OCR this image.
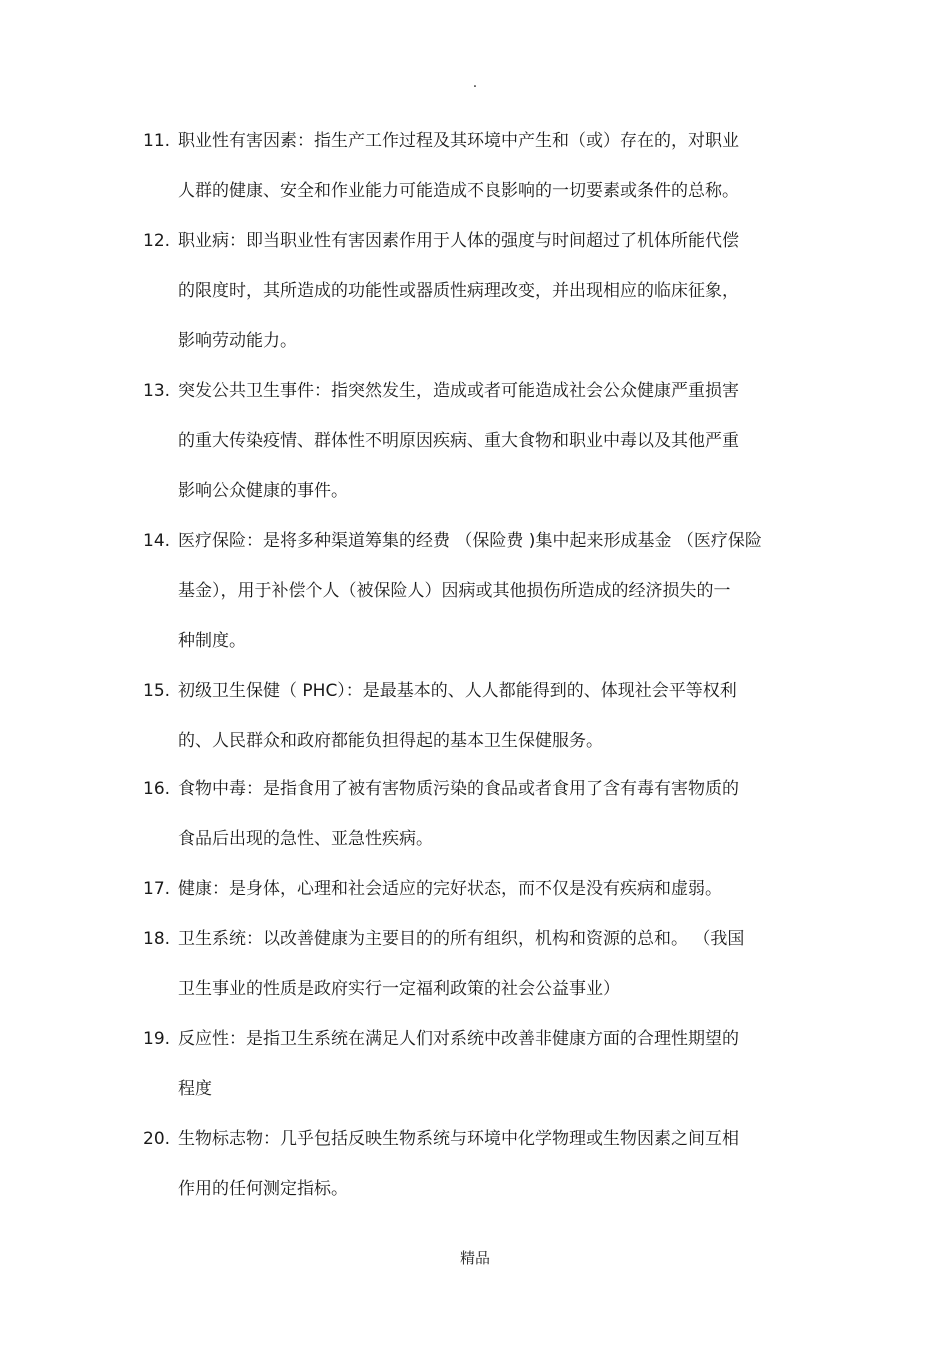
.
11. 职业性有害因素：指生产工作过程及其环境中产生和（或）存在的，对职业
人群的健康、安全和作业能力可能造成不良影响的一切要素或条件的总称。
12. 职业病：即当职业性有害因素作用于人体的强度与时间超过了机体所能代偿
的限度时，其所造成的功能性或器质性病理改变，并出现相应的临床征象，
影响劳动能力。
13. 突发公共卫生事件：指突然发生，造成或者可能造成社会公众健康严重损害
的重大传染疫情、群体性不明原因疾病、重大食物和职业中毒以及其他严重
影响公众健康的事件。
14. 医疗保险：是将多种渠道筹集的经费 （保险费 )集中起来形成基金 （医疗保险
基金），用于补偿个人（被保险人）因病或其他损伤所造成的经济损失的一
种制度。
15. 初级卫生保健（ PHC）：是最基本的、人人都能得到的、体现社会平等权利
的、人民群众和政府都能负担得起的基本卫生保健服务。
16. 食物中毒：是指食用了被有害物质污染的食品或者食用了含有毒有害物质的
食品后出现的急性、亚急性疾病。
17. 健康：是身体，心理和社会适应的完好状态，而不仅是没有疾病和虚弱。
18. 卫生系统：以改善健康为主要目的的所有组织，机构和资源的总和。 （我国
卫生事业的性质是政府实行一定福利政策的社会公益事业）
19. 反应性：是指卫生系统在满足人们对系统中改善非健康方面的合理性期望的
程度
20. 生物标志物：几乎包括反映生物系统与环境中化学物理或生物因素之间互相
作用的任何测定指标。
精品
